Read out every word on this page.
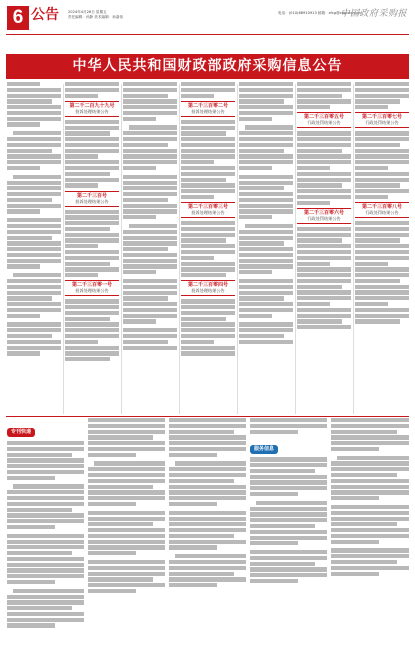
6 公告	2024年4月26日 星期五
责任编辑：孙静 美术编辑：孙嘉伟
电话：(010)68910913 邮箱：zfcg@cgpnews.cn
中国政府采购报
中华人民共和国财政部政府采购信息公告
第二千二百九十九号
投诉处理结果公告
第二千三百号
投诉处理结果公告
第二千三百零一号
投诉处理结果公告
第二千三百零二号
投诉处理结果公告
第二千三百零三号
投诉处理结果公告
第二千三百零四号
投诉处理结果公告
第二千三百零五号
行政处罚结果公告
第二千三百零六号
行政处罚结果公告
第二千三百零七号
行政处罚结果公告
第二千三百零八号
行政处罚结果公告
专刊快递
服务信息
